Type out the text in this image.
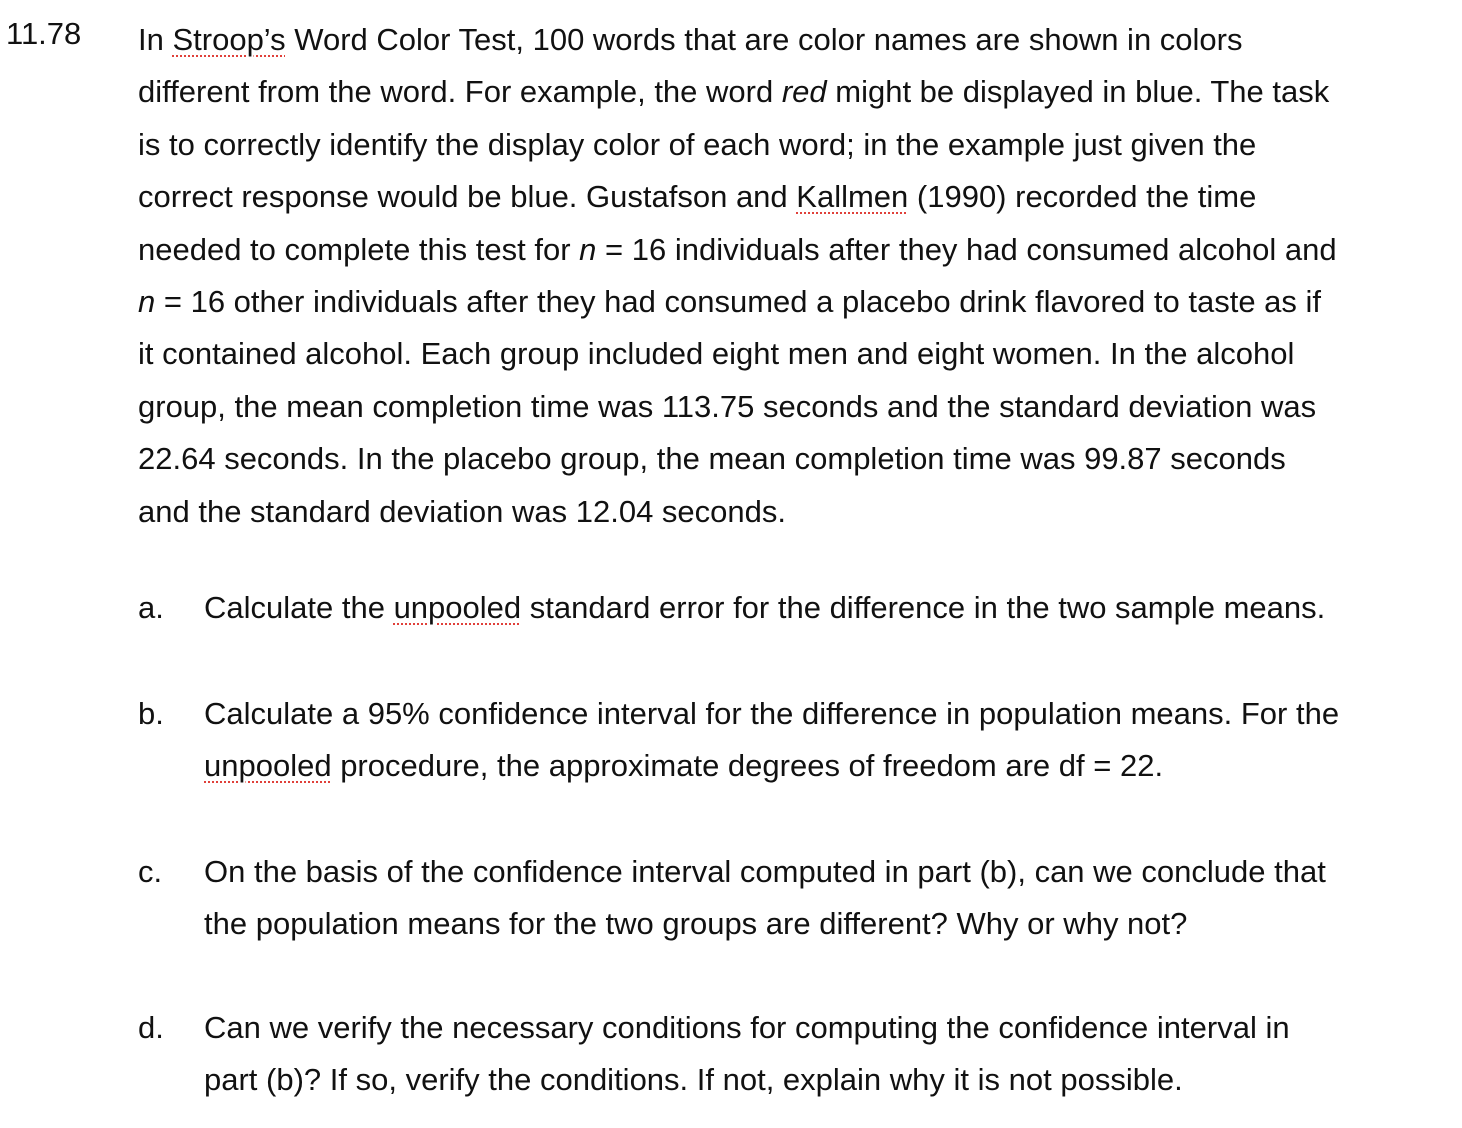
11.78 In Stroop’s Word Color Test, 100 words that are color names are shown in colors
different from the word. For example, the word red might be displayed in blue. The task
is to correctly identify the display color of each word; in the example just given the
correct response would be blue. Gustafson and Kallmen (1990) recorded the time
needed to complete this test for n = 16 individuals after they had consumed alcohol and
n = 16 other individuals after they had consumed a placebo drink flavored to taste as if
it contained alcohol. Each group included eight men and eight women. In the alcohol
group, the mean completion time was 113.75 seconds and the standard deviation was
22.64 seconds. In the placebo group, the mean completion time was 99.87 seconds
and the standard deviation was 12.04 seconds.
a. Calculate the unpooled standard error for the difference in the two sample means.
b. Calculate a 95% confidence interval for the difference in population means. For the
unpooled procedure, the approximate degrees of freedom are df = 22.
c. On the basis of the confidence interval computed in part (b), can we conclude that
the population means for the two groups are different? Why or why not?
d. Can we verify the necessary conditions for computing the confidence interval in
part (b)? If so, verify the conditions. If not, explain why it is not possible.
